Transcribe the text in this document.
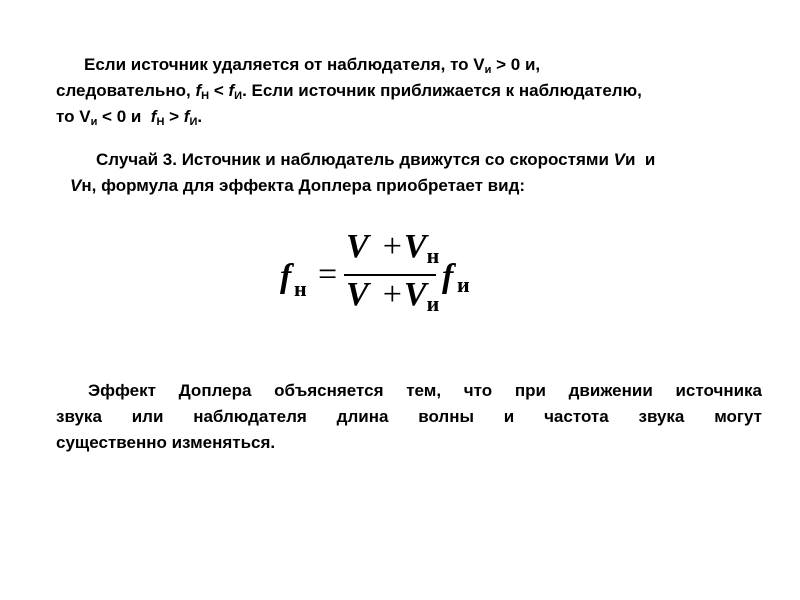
Если источник удаляется от наблюдателя, то $V_и > 0$ и,
следовательно, $f_Н < f_И$. Если источник приближается к наблюдателю,
то $V_и < 0$ и  $f_Н > f_И$.
Случай 3. Источник и наблюдатель движутся со скоростями Vи  и
Vн, формула для эффекта Доплера приобретает вид:
f н =
V +Vн
V +Vи
f и
Эффект Доплера объясняется тем, что при движении источника
звука или наблюдателя длина волны и частота звука могут
существенно изменяться.
